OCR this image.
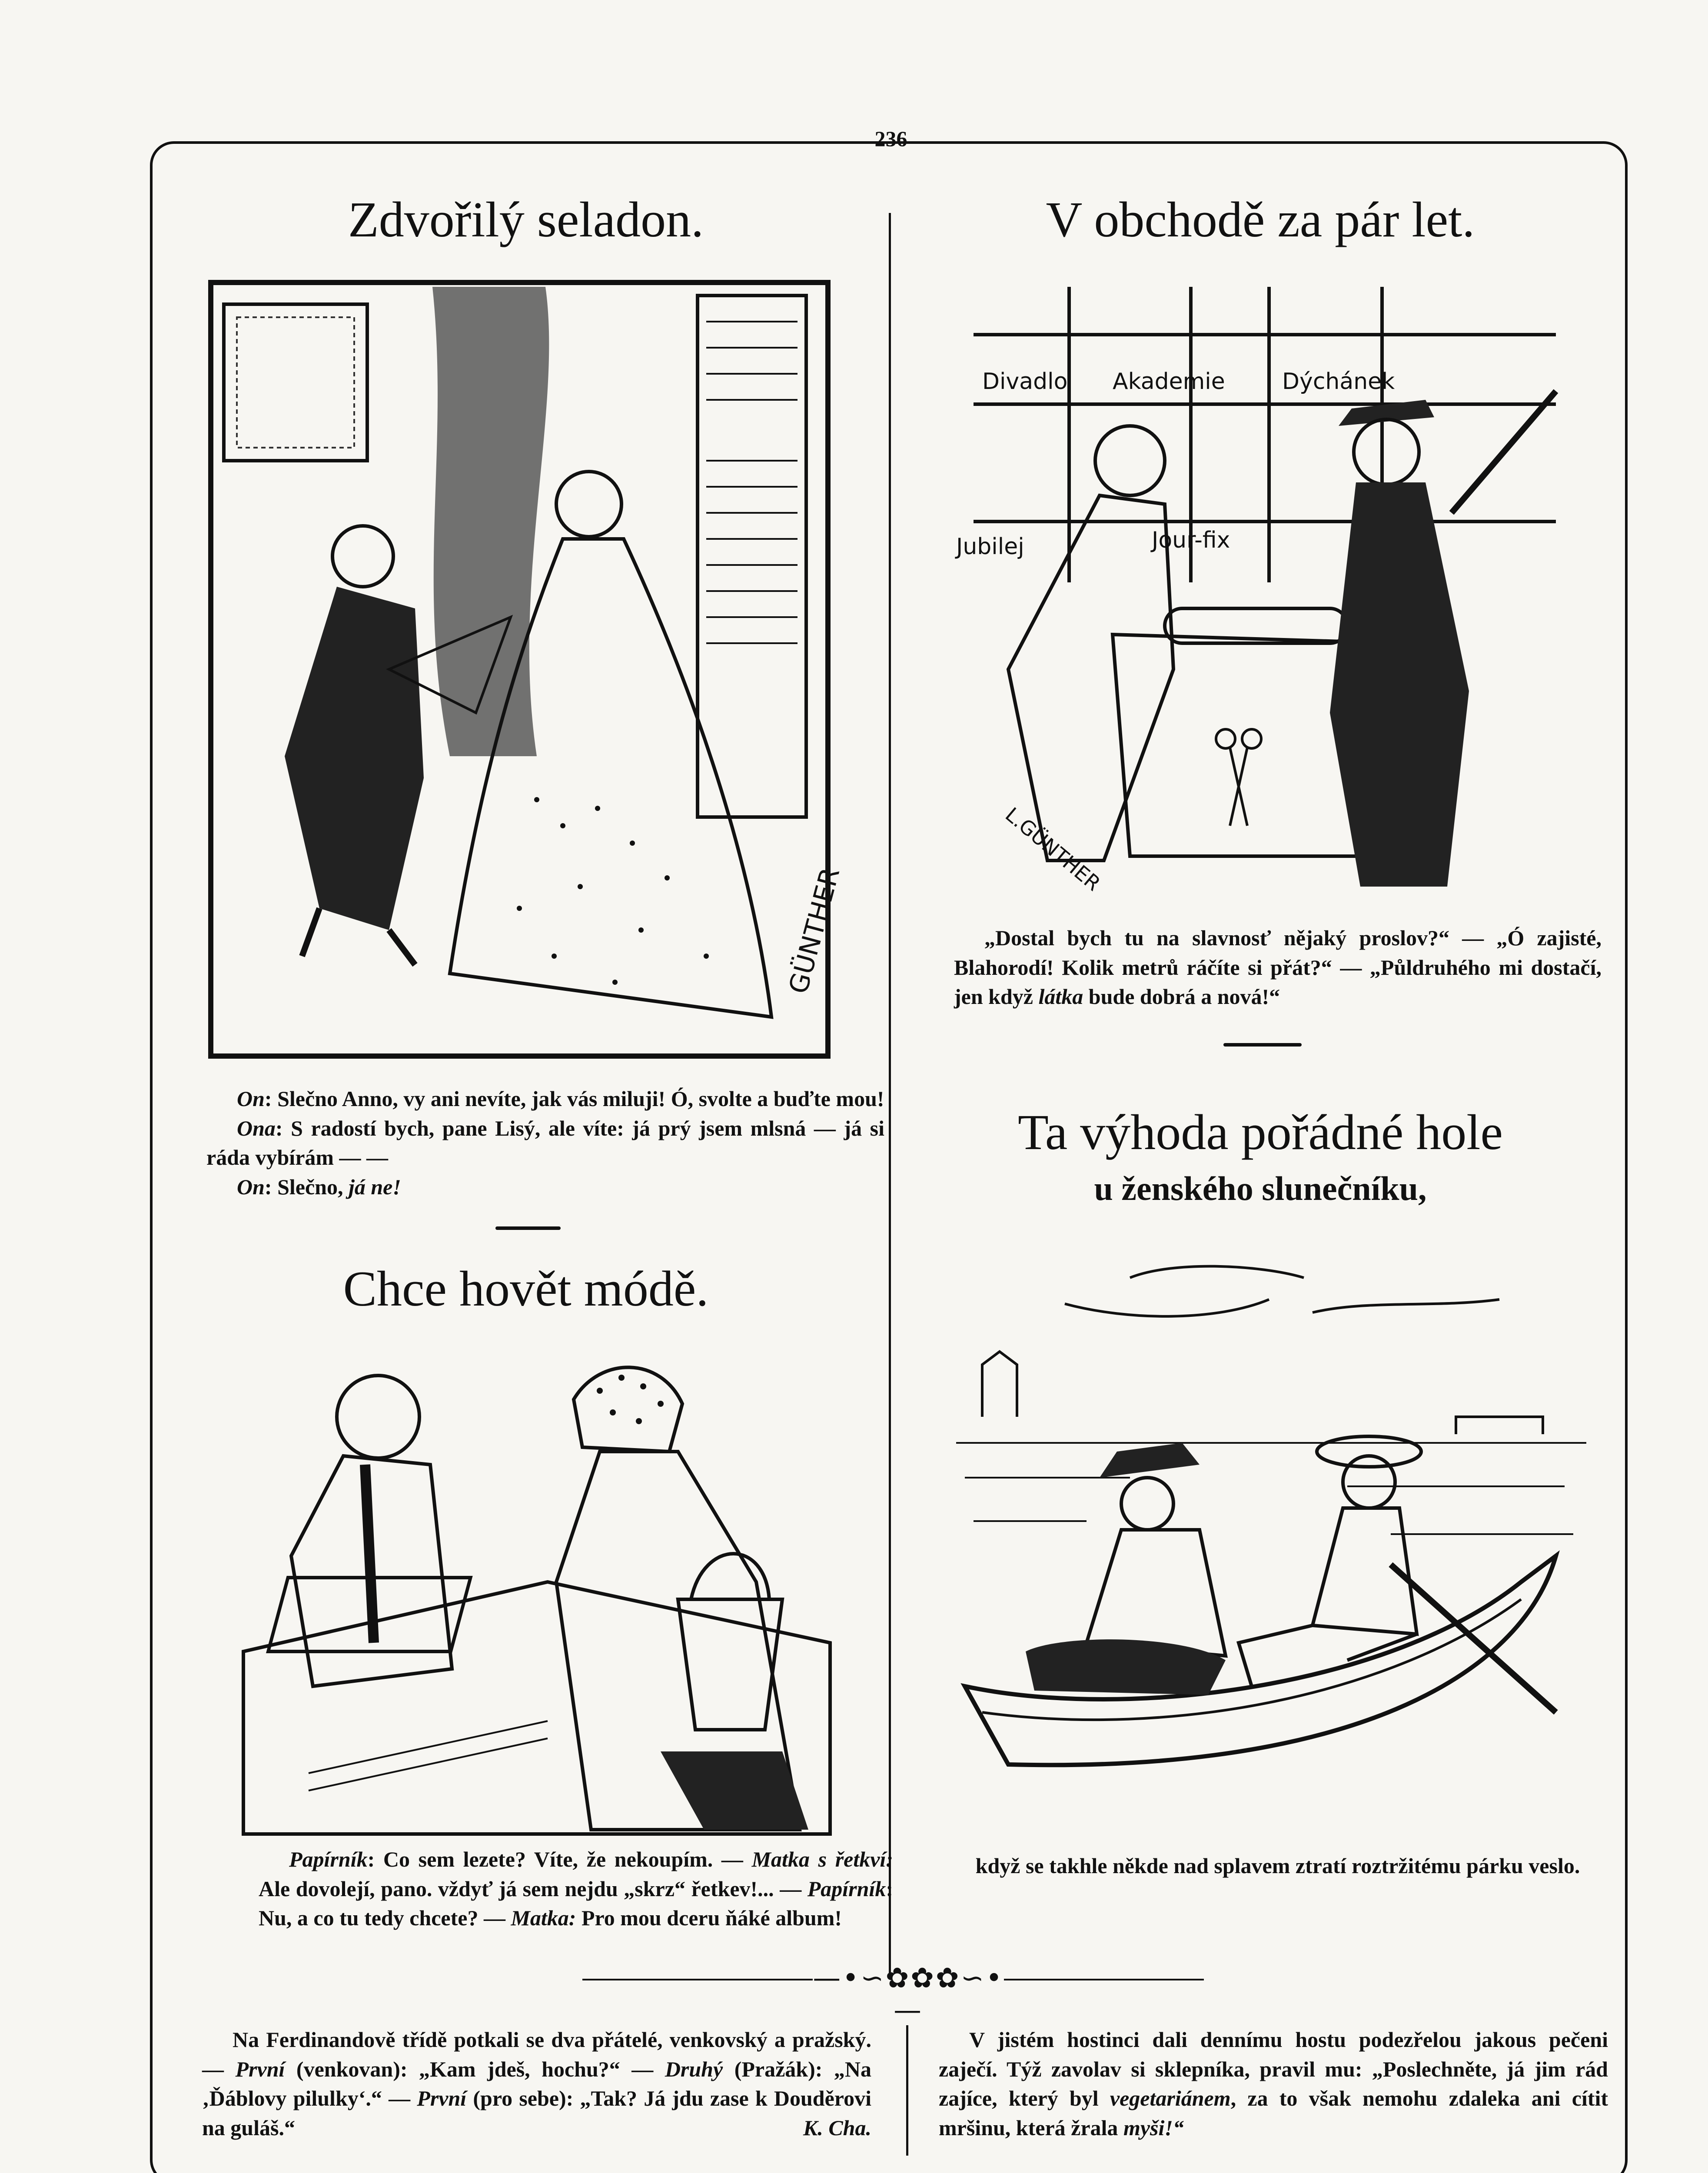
236
Zdvořilý seladon.
GÜNTHER

On: Slečno Anno, vy ani nevíte, jak vás miluji! Ó, svolte a buďte mou!

Ona: S radostí bych, pane Lisý, ale víte: já prý jsem mlsná — já si ráda vybírám — —

On: Slečno, já ne!

Chce hovět módě.

Papírník: Co sem lezete? Víte, že nekoupím. — Matka s řetkví: Ale dovolejí, pano. vždyť já sem nejdu „skrz“ řetkev!... — Papírník: Nu, a co tu tedy chcete? — Matka: Pro mou dceru ňáké album!

V obchodě za pár let.
Divadlo Akademie	Dýchánek
Jubilej	Jour-fix
L.GÜNTHER

„Dostal bych tu na slavnosť nějaký proslov?“ — „Ó zajisté, Blahorodí! Kolik metrů ráčíte si přát?“ — „Půldruhého mi dostačí, jen když látka bude dobrá a nová!“

Ta výhoda pořádné hole
u ženského slunečníku,

když se takhle někde nad splavem ztratí roztržitému párku veslo.

—•∽✿✿✿∽•—

Na Ferdinandově třídě potkali se dva přátelé, venkovský a pražský. — První (venkovan): „Kam jdeš, hochu?“ — Druhý (Pražák): „Na ‚Ďáblovy pilulky‘.“ — První (pro sebe): „Tak? Já jdu zase k Douděrovi na guláš.“	K. Cha.

V jistém hostinci dali dennímu hostu podezřelou jakous pečeni zaječí. Týž zavolav si sklepníka, pravil mu: „Poslechněte, já jim rád zajíce, který byl vegetariánem, za to však nemohu zdaleka ani cítit mršinu, která žrala myši!“
